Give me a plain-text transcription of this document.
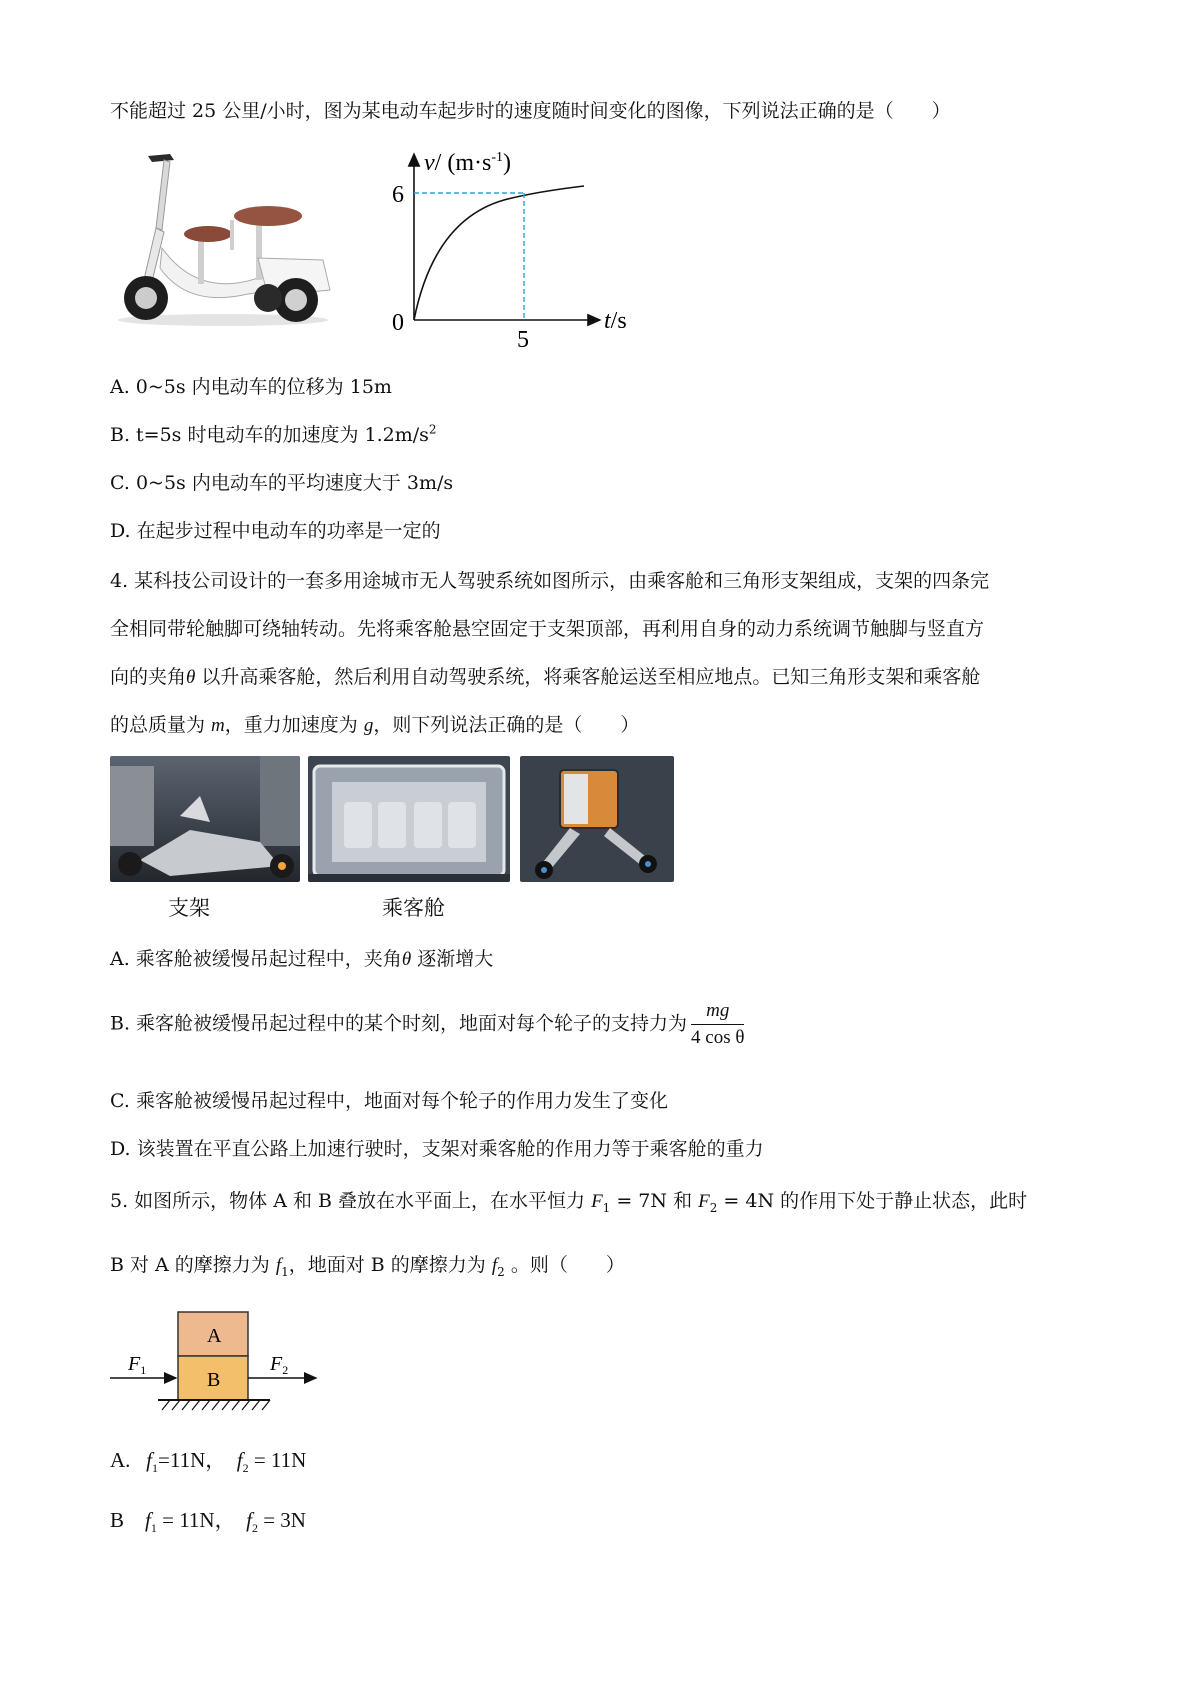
不能超过 25 公里/小时，图为某电动车起步时的速度随时间变化的图像，下列说法正确的是（　　）
v/ $(m\cdot s^{-1})$
6
0
5
t/s
A. 0~5s 内电动车的位移为 15m
B. t=5s 时电动车的加速度为 $1.2m/s^2$
C. 0~5s 内电动车的平均速度大于 3m/s
D. 在起步过程中电动车的功率是一定的
4. 某科技公司设计的一套多用途城市无人驾驶系统如图所示，由乘客舱和三角形支架组成，支架的四条完
全相同带轮触脚可绕轴转动。先将乘客舱悬空固定于支架顶部，再利用自身的动力系统调节触脚与竖直方
向的夹角θ 以升高乘客舱，然后利用自动驾驶系统，将乘客舱运送至相应地点。已知三角形支架和乘客舱
的总质量为 m，重力加速度为 g，则下列说法正确的是（　　）
支架	乘客舱
A. 乘客舱被缓慢吊起过程中，夹角θ 逐渐增大
B. 乘客舱被缓慢吊起过程中的某个时刻，地面对每个轮子的支持力为 $\frac{mg}{\text{4 cos θ}}$
C. 乘客舱被缓慢吊起过程中，地面对每个轮子的作用力发生了变化
D. 该装置在平直公路上加速行驶时，支架对乘客舱的作用力等于乘客舱的重力
5. 如图所示，物体 A 和 B 叠放在水平面上，在水平恒力 $F_1 = 7N$ 和 $F_2 = 4N$ 的作用下处于静止状态，此时
B 对 A 的摩擦力为 $f_1$，地面对 B 的摩擦力为 $f_2$ 。则（　　）
A
B
$F_1$	$F_2$
A. $f_1=11N$， $f_2 = 11N$
B $f_1 = 11N$， $f_2 = 3N$
